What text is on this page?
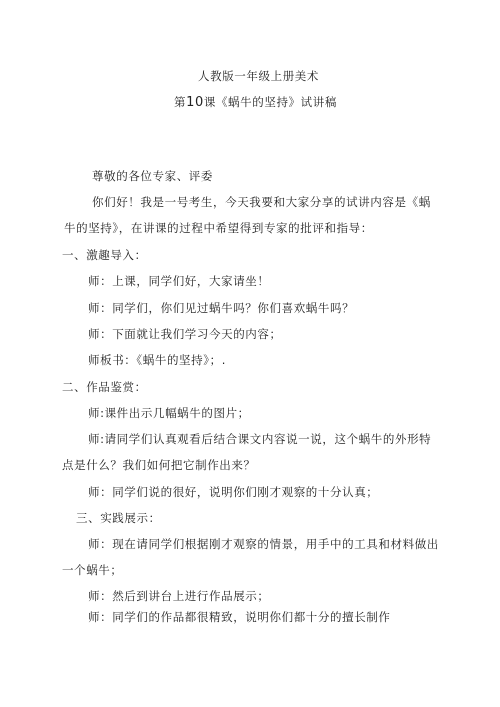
人教版一年级上册美术
第10课《蜗牛的坚持》试讲稿
尊敬的各位专家、评委
你们好！我是一号考生，今天我要和大家分享的试讲内容是《蜗
牛的坚持》，在讲课的过程中希望得到专家的批评和指导：
一、激趣导入：
师：上课，同学们好，大家请坐！
师：同学们，你们见过蜗牛吗？你们喜欢蜗牛吗？
师：下面就让我们学习今天的内容；
师板书：《蜗牛的坚持》；.
二、作品鉴赏：
师:课件出示几幅蜗牛的图片；
师:请同学们认真观看后结合课文内容说一说，这个蜗牛的外形特
点是什么？我们如何把它制作出来？
师：同学们说的很好，说明你们刚才观察的十分认真；
三、实践展示：
师：现在请同学们根据刚才观察的情景，用手中的工具和材料做出
一个蜗牛；
师：然后到讲台上进行作品展示；
师：同学们的作品都很精致，说明你们都十分的擅长制作
